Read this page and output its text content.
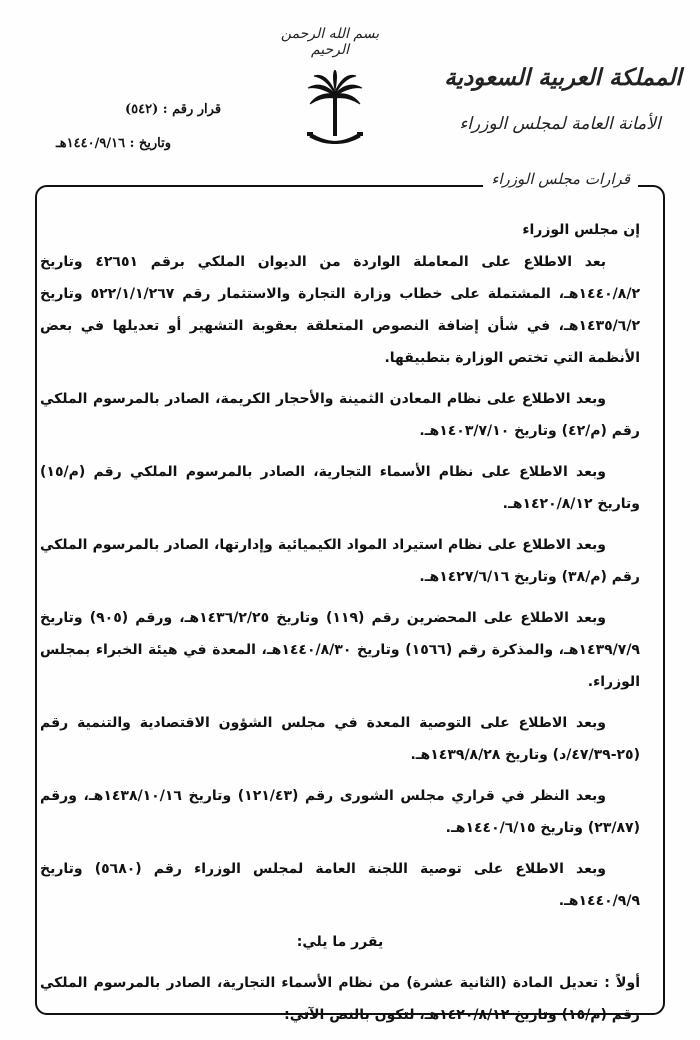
بسم الله الرحمن الرحيم
المملكة العربية السعودية
الأمانة العامة لمجلس الوزراء
قرار رقم : (٥٤٢)
وتاريخ : ١٤٤٠/٩/١٦هـ
قرارات مجلس الوزراء

إن مجلس الوزراء

بعد الاطلاع على المعاملة الواردة من الديوان الملكي برقم ٤٢٦٥١ وتاريخ ١٤٤٠/٨/٢هـ، المشتملة على خطاب وزارة التجارة والاستثمار رقم ٥٢٢/١/١/٢٦٧ وتاريخ ١٤٣٥/٦/٢هـ، في شأن إضافة النصوص المتعلقة بعقوبة التشهير أو تعديلها في بعض الأنظمة التي تختص الوزارة بتطبيقها.

وبعد الاطلاع على نظام المعادن الثمينة والأحجار الكريمة، الصادر بالمرسوم الملكي رقم (م/٤٢) وتاريخ ١٤٠٣/٧/١٠هـ.

وبعد الاطلاع على نظام الأسماء التجارية، الصادر بالمرسوم الملكي رقم (م/١٥) وتاريخ ١٤٢٠/٨/١٢هـ.

وبعد الاطلاع على نظام استيراد المواد الكيميائية وإدارتها، الصادر بالمرسوم الملكي رقم (م/٣٨) وتاريخ ١٤٢٧/٦/١٦هـ.

وبعد الاطلاع على المحضرين رقم (١١٩) وتاريخ ١٤٣٦/٢/٢٥هـ، ورقم (٩٠٥) وتاريخ ١٤٣٩/٧/٩هـ، والمذكرة رقم (١٥٦٦) وتاريخ ١٤٤٠/٨/٣٠هـ، المعدة في هيئة الخبراء بمجلس الوزراء.

وبعد الاطلاع على التوصية المعدة في مجلس الشؤون الاقتصادية والتنمية رقم (٢٥-٤٧/٣٩/د) وتاريخ ١٤٣٩/٨/٢٨هـ.

وبعد النظر في قراري مجلس الشورى رقم (١٢١/٤٣) وتاريخ ١٤٣٨/١٠/١٦هـ، ورقم (٢٣/٨٧) وتاريخ ١٤٤٠/٦/١٥هـ.

وبعد الاطلاع على توصية اللجنة العامة لمجلس الوزراء رقم (٥٦٨٠) وتاريخ ١٤٤٠/٩/٩هـ.

يقرر ما يلي:

أولاً : تعديل المادة (الثانية عشرة) من نظام الأسماء التجارية، الصادر بالمرسوم الملكي رقم (م/١٥) وتاريخ ١٤٢٠/٨/١٢هـ، لتكون بالنص الآتي:
